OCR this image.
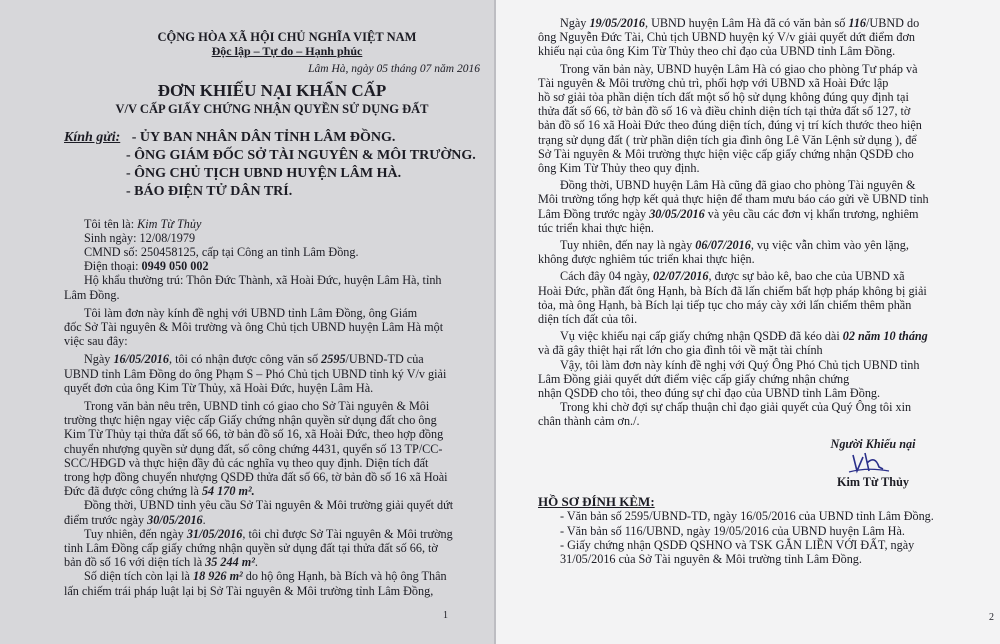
CỘNG HÒA XÃ HỘI CHỦ NGHĨA VIỆT NAM
Độc lập – Tự do – Hạnh phúc
Lâm Hà, ngày 05 tháng 07 năm 2016
ĐƠN KHIẾU NẠI KHẨN CẤP
V/V CẤP GIẤY CHỨNG NHẬN QUYỀN SỬ DỤNG ĐẤT
Kính gửi: - ỦY BAN NHÂN DÂN TỈNH LÂM ĐỒNG.
- ÔNG GIÁM ĐỐC SỞ TÀI NGUYÊN & MÔI TRƯỜNG.
- ÔNG CHỦ TỊCH UBND HUYỆN LÂM HÀ.
- BÁO ĐIỆN TỬ DÂN TRÍ.
Tôi tên là: Kim Từ Thủy
Sinh ngày: 12/08/1979
CMND số: 250458125, cấp tại Công an tỉnh Lâm Đồng.
Điện thoại: 0949 050 002
Hộ khẩu thường trú: Thôn Đức Thành, xã Hoài Đức, huyện Lâm Hà, tỉnh
Lâm Đồng.
Tôi làm đơn này kính đề nghị với UBND tỉnh Lâm Đồng, ông Giám
đốc Sở Tài nguyên & Môi trường và ông Chủ tịch UBND huyện Lâm Hà một
việc sau đây:
Ngày 16/05/2016, tôi có nhận được công văn số 2595/UBND-TD của
UBND tỉnh Lâm Đồng do ông Phạm S – Phó Chủ tịch UBND tỉnh ký V/v giải
quyết đơn của ông Kim Từ Thủy, xã Hoài Đức, huyện Lâm Hà.
Trong văn bản nêu trên, UBND tỉnh có giao cho Sở Tài nguyên & Môi
trường thực hiện ngay việc cấp Giấy chứng nhận quyền sử dụng đất cho ông
Kim Từ Thủy tại thửa đất số 66, tờ bản đồ số 16, xã Hoài Đức, theo hợp đồng
chuyển nhượng quyền sử dụng đất, số công chứng 4431, quyển số 13 TP/CC-
SCC/HĐGD và thực hiện đầy đủ các nghĩa vụ theo quy định. Diện tích đất
trong hợp đồng chuyển nhượng QSDĐ thửa đất số 66, tờ bản đồ số 16 xã Hoài
Đức đã được công chứng là 54 170 m².
Đồng thời, UBND tỉnh yêu cầu Sở Tài nguyên & Môi trường giải quyết dứt
điểm trước ngày 30/05/2016.
Tuy nhiên, đến ngày 31/05/2016, tôi chỉ được Sở Tài nguyên & Môi trường
tỉnh Lâm Đồng cấp giấy chứng nhận quyền sử dụng đất tại thửa đất số 66, tờ
bản đồ số 16 với diện tích là 35 244 m².
Số diện tích còn lại là 18 926 m² do hộ ông Hạnh, bà Bích và hộ ông Thân
lấn chiếm trái pháp luật lại bị Sở Tài nguyên & Môi trường tỉnh Lâm Đồng,
1
Ngày 19/05/2016, UBND huyện Lâm Hà đã có văn bản số 116/UBND do
ông Nguyễn Đức Tài, Chủ tịch UBND huyện ký V/v giải quyết dứt điểm đơn
khiếu nại của ông Kim Từ Thủy theo chỉ đạo của UBND tỉnh Lâm Đồng.
Trong văn bản này, UBND huyện Lâm Hà có giao cho phòng Tư pháp và
Tài nguyên & Môi trường chủ trì, phối hợp với UBND xã Hoài Đức lập
hồ sơ giải tỏa phần diện tích đất một số hộ sử dụng không đúng quy định tại
thửa đất số 66, tờ bản đồ số 16 và điều chỉnh diện tích tại thửa đất số 127, tờ
bản đồ số 16 xã Hoài Đức theo đúng diện tích, đúng vị trí kích thước theo hiện
trạng sử dụng đất ( trừ phần diện tích gia đình ông Lê Văn Lệnh sử dụng ), để
Sở Tài nguyên & Môi trường thực hiện việc cấp giấy chứng nhận QSDĐ cho
ông Kim Từ Thủy theo quy định.
Đồng thời, UBND huyện Lâm Hà cũng đã giao cho phòng Tài nguyên &
Môi trường tổng hợp kết quả thực hiện để tham mưu báo cáo gửi về UBND tỉnh
Lâm Đồng trước ngày 30/05/2016 và yêu cầu các đơn vị khẩn trương, nghiêm
túc triển khai thực hiện.
Tuy nhiên, đến nay là ngày 06/07/2016, vụ việc vẫn chìm vào yên lặng,
không được nghiêm túc triển khai thực hiện.
Cách đây 04 ngày, 02/07/2016, được sự bảo kê, bao che của UBND xã
Hoài Đức, phần đất ông Hạnh, bà Bích đã lấn chiếm bất hợp pháp không bị giải
tỏa, mà ông Hạnh, bà Bích lại tiếp tục cho máy cày xới lấn chiếm thêm phần
diện tích đất của tôi.
Vụ việc khiếu nại cấp giấy chứng nhận QSDĐ đã kéo dài 02 năm 10 tháng
và đã gây thiệt hại rất lớn cho gia đình tôi về mặt tài chính
Vậy, tôi làm đơn này kính đề nghị với Quý Ông Phó Chủ tịch UBND tỉnh
Lâm Đồng giải quyết dứt điểm việc cấp giấy chứng nhận chứng
nhận QSDĐ cho tôi, theo đúng sự chỉ đạo của UBND tỉnh Lâm Đồng.
Trong khi chờ đợi sự chấp thuận chỉ đạo giải quyết của Quý Ông tôi xin
chân thành cảm ơn./.
Người Khiếu nại
Kim Từ Thủy
HỒ SƠ ĐÍNH KÈM:
- Văn bản số 2595/UBND-TD, ngày 16/05/2016 của UBND tỉnh Lâm Đồng.
- Văn bản số 116/UBND, ngày 19/05/2016 của UBND huyện Lâm Hà.
- Giấy chứng nhận QSDĐ QSHNO và TSK GẮN LIỀN VỚI ĐẤT, ngày
31/05/2016 của Sở Tài nguyên & Môi trường tỉnh Lâm Đồng.
2
